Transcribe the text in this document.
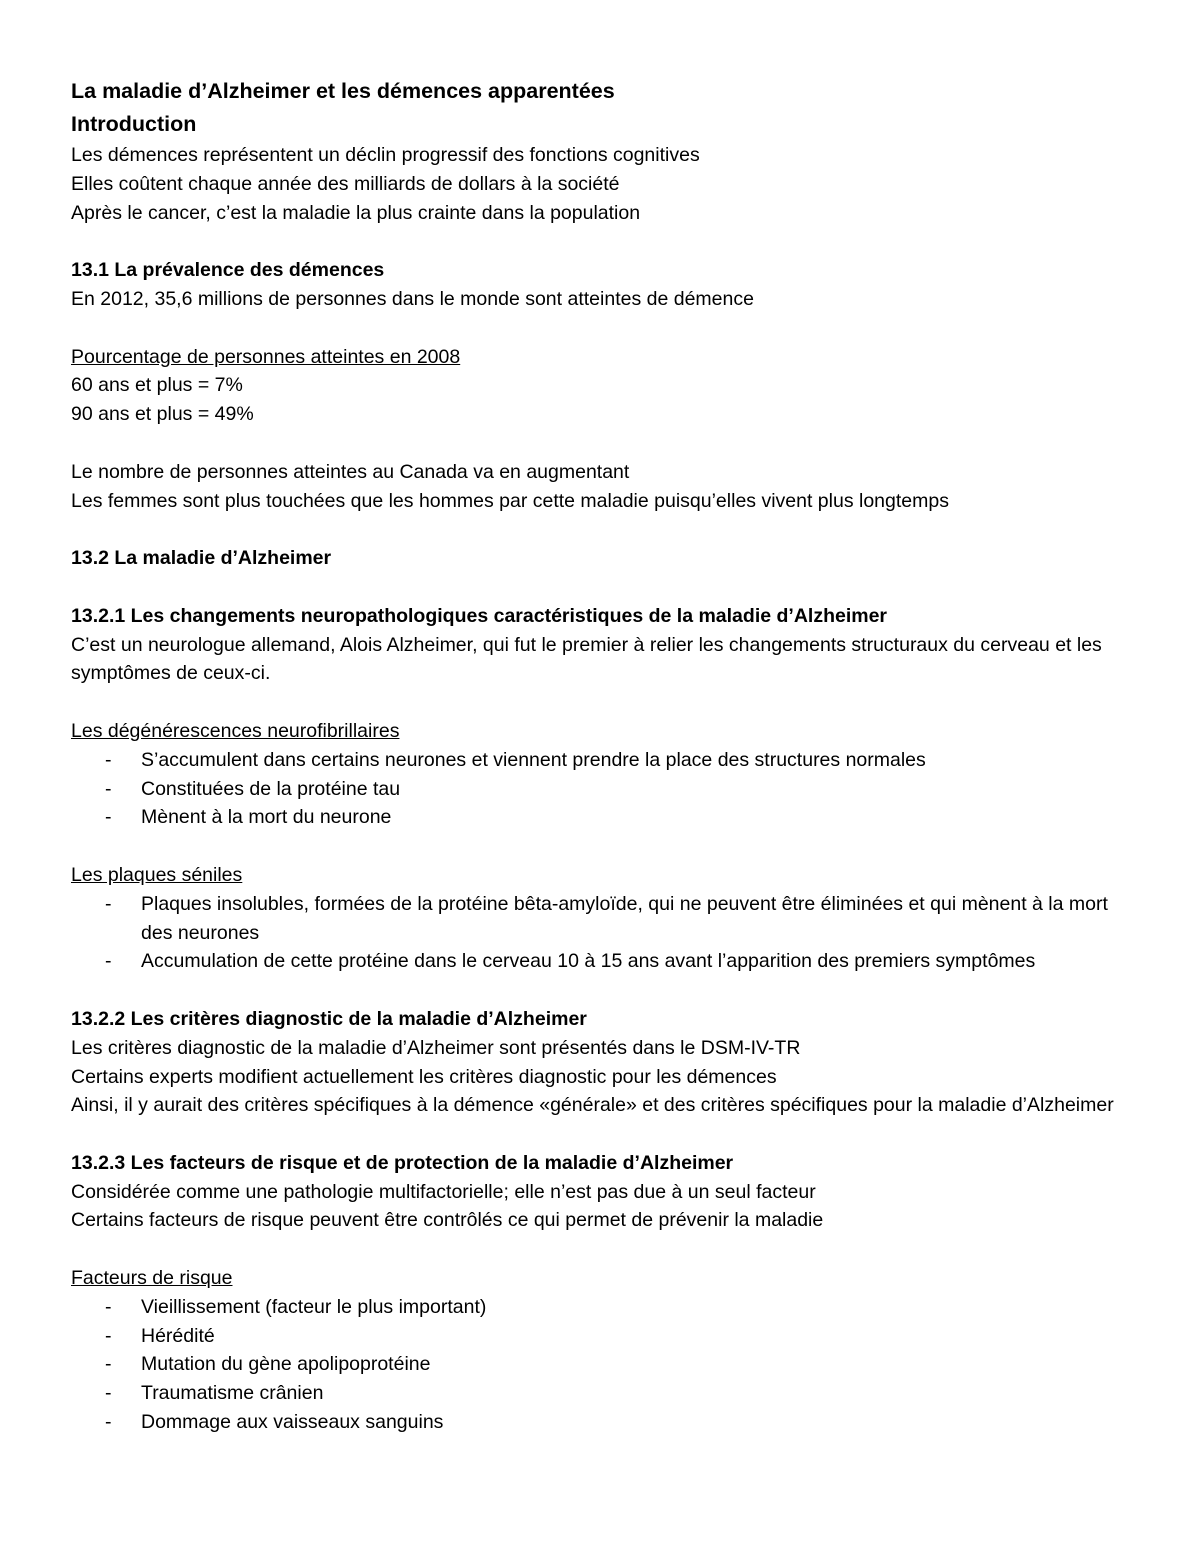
La maladie d’Alzheimer et les démences apparentées

Introduction

Les démences représentent un déclin progressif des fonctions cognitives

Elles coûtent chaque année des milliards de dollars à la société

Après le cancer, c’est la maladie la plus crainte dans la population

13.1 La prévalence des démences

En 2012, 35,6 millions de personnes dans le monde sont atteintes de démence

Pourcentage de personnes atteintes en 2008

60 ans et plus = 7%

90 ans et plus = 49%

Le nombre de personnes atteintes au Canada va en augmentant

Les femmes sont plus touchées que les hommes par cette maladie puisqu’elles vivent plus longtemps

13.2 La maladie d’Alzheimer

13.2.1 Les changements neuropathologiques caractéristiques de la maladie d’Alzheimer

C’est un neurologue allemand, Alois Alzheimer, qui fut le premier à relier les changements structuraux du cerveau et les symptômes de ceux-ci.

Les dégénérescences neurofibrillaires

- S’accumulent dans certains neurones et viennent prendre la place des structures normales
- Constituées de la protéine tau
- Mènent à la mort du neurone

Les plaques séniles

- Plaques insolubles, formées de la protéine bêta-amyloïde, qui ne peuvent être éliminées et qui mènent à la mort des neurones
- Accumulation de cette protéine dans le cerveau 10 à 15 ans avant l’apparition des premiers symptômes

13.2.2 Les critères diagnostic de la maladie d’Alzheimer

Les critères diagnostic de la maladie d’Alzheimer sont présentés dans le DSM-IV-TR

Certains experts modifient actuellement les critères diagnostic pour les démences

Ainsi, il y aurait des critères spécifiques à la démence «générale» et des critères spécifiques pour la maladie d’Alzheimer

13.2.3 Les facteurs de risque et de protection de la maladie d’Alzheimer

Considérée comme une pathologie multifactorielle; elle n’est pas due à un seul facteur

Certains facteurs de risque peuvent être contrôlés ce qui permet de prévenir la maladie

Facteurs de risque

- Vieillissement (facteur le plus important)
- Hérédité
- Mutation du gène apolipoprotéine
- Traumatisme crânien
- Dommage aux vaisseaux sanguins
